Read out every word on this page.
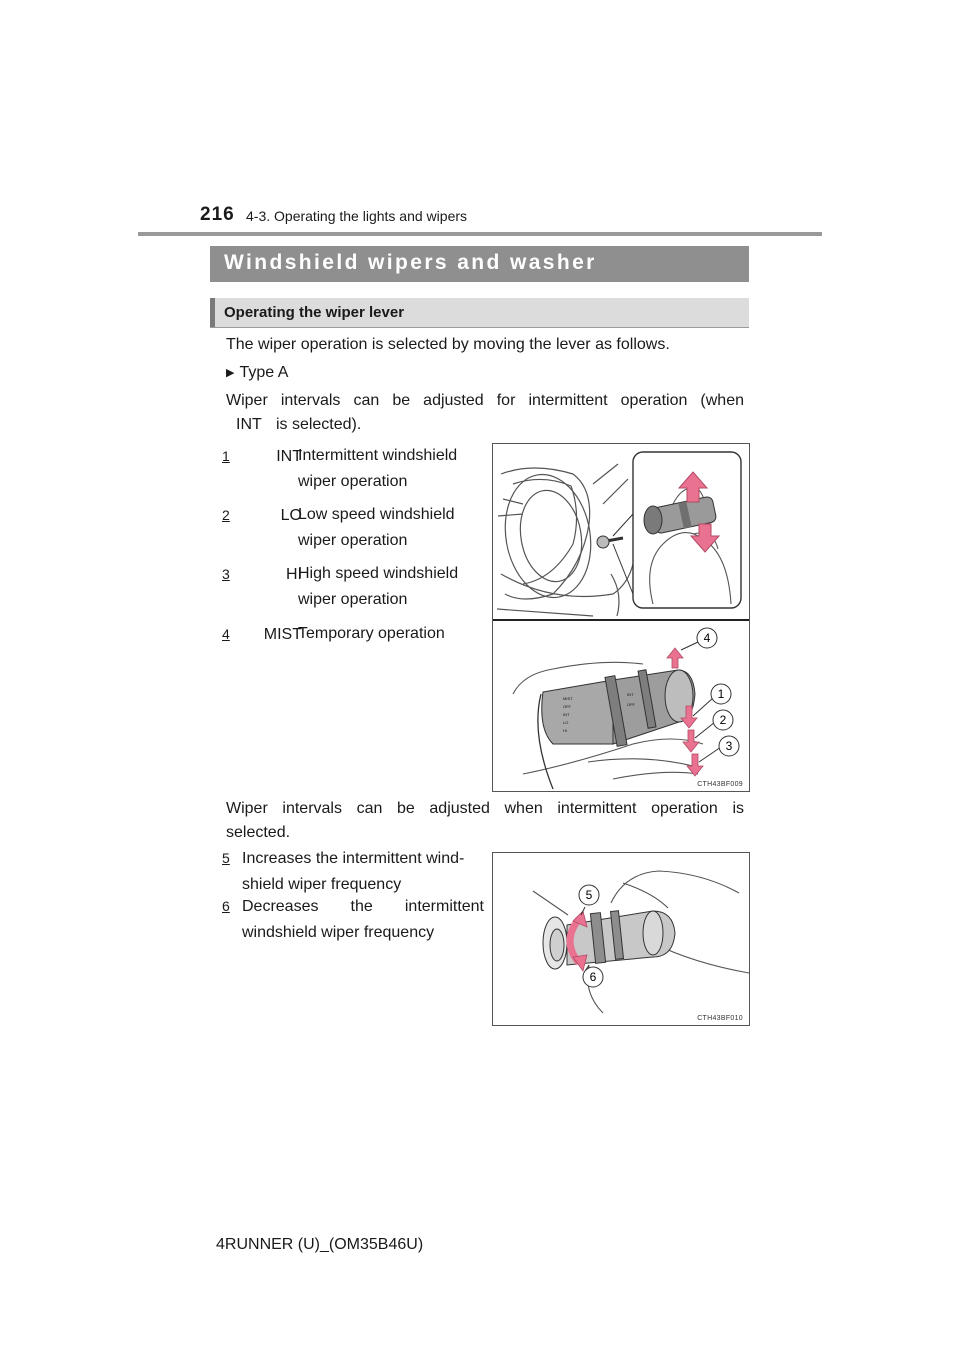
216 4-3. Operating the lights and wipers
Windshield wipers and washer
Operating the wiper lever
The wiper operation is selected by moving the lever as follows.
▶ Type A
Wiper intervals can be adjusted for intermittent operation (when
INT is selected).
1	INT
Intermittent windshield
wiper operation
2	LO
Low speed windshield
wiper operation
3	HI
High speed windshield
wiper operation
4	MIST
Temporary operation
MIST
OFF
INT
LO
HI
INT
OFF
4
1
2
3
CTH43BF009
Wiper intervals can be adjusted when intermittent operation is
selected.
5 Increases the intermittent wind-
shield wiper frequency
6 Decreases the intermittent
windshield wiper frequency
5
6
CTH43BF010
4RUNNER (U)_(OM35B46U)
